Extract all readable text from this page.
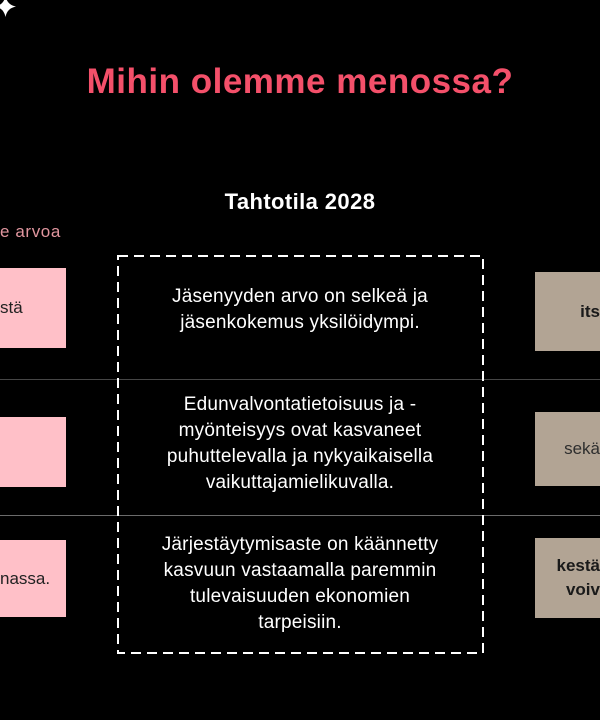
Mihin olemme menossa?
Tahtotila 2028
e arvoa
Jäsenyyden arvo on selkeä ja
jäsenkokemus yksilöidympi.
Edunvalvontatietoisuus ja -
myönteisyys ovat kasvaneet
puhuttelevalla ja nykyaikaisella
vaikuttajamielikuvalla.
Järjestäytymisaste on käännetty
kasvuun vastaamalla paremmin
tulevaisuuden ekonomien
tarpeisiin.
stä
nassa.
its
sekä
kestä
voiv
